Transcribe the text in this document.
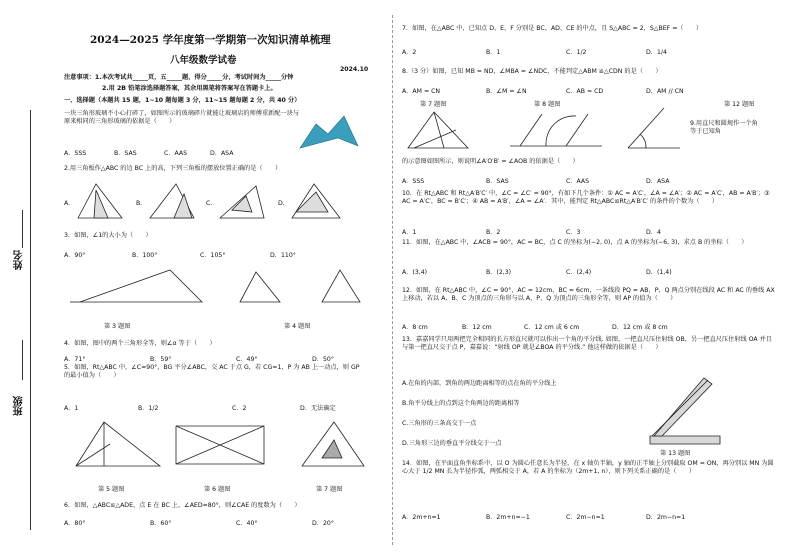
姓名
班级
2024—2025 学年度第一学期第一次知识清单梳理
八年级数学试卷
2024.10
注意事项：1.本次考试共_____页，五_____题，得分_____分，考试时间为_____分钟
2.用 2B 铅笔涂选择题答案，其余用黑笔将答案写在答题卡上。
一、选择题（本题共 15 题，1~10 题每题 3 分，11~15 题每题 2 分，共 40 分）
一块三角形玻璃不小心打碎了，如图所示的玻璃碎片就能让玻璃店的师傅重新配一块与原来相同的三角形玻璃的依据是（　　）
A．SSS	B．SAS	C．AAS	D．ASA
2.用三角板作△ABC 的边 BC 上的高，下列三角板的摆放位置正确的是（　　）
A．	B．	C．	D．
3．如图，∠1的大小为（　　）
A．90°	B．100°	C．105°	D．110°
第 3 题图	第 4 题图
4．如图，图中的两个三角形全等，则∠α 等于（　　）
A．71°	B．59°	C．49°	D．50°
5．如图，Rt△ABC 中，∠C=90°，BG 平分∠ABC，交 AC 于点 G，若 CG=1，P 为 AB 上一动点，则 GP 的最小值为（　　）
A．1	B．1/2	C．2	D．无法确定
第 5 题图	第 6 题图	第 7 题图
6．如图，△ABC≌△ADE，点 E 在 BC 上，∠AED=80°，则∠CAE 的度数为（　　）
A．80°	B．60°	C．40°	D．20°
7．如图，在△ABC 中，已知点 D、E、F 分别是 BC、AD、CE 的中点，且 S△ABC = 2，S△BEF =（　　）
A．2	B．1	C．1/2	D．1/4
8.（3 分）如图，已知 MB = ND，∠MBA = ∠NDC，不能判定△ABM ≌△CDN 的是（　　）
A．AM = CN	B．∠M = ∠N	C．AB = CD	D．AM // CN
第 7 题图	第 8 题图	第 12 题图
9.用直尺和圆规作一个角等于已知角
的示意图如图所示，则说明∠A′O′B′ = ∠AOB 的依据是（　　）
A．SSS	B．SAS	C．AAS	D．ASA
10．在 Rt△ABC 和 Rt△A′B′C′ 中，∠C = ∠C′ = 90°，有如下几个条件：① AC = A′C′，∠A = ∠A′；② AC = A′C′，AB = A′B′；③ AC = A′C′，BC = B′C′；④ AB = A′B′，∠A = ∠A′．其中，能判定 Rt△ABC≌Rt△A′B′C′ 的条件的个数为（　　）
A．1	B．2	C．3	D．4
11．如图，在△ABC 中，∠ACB = 90°，AC = BC，点 C 的坐标为(−2, 0)，点 A 的坐标为(−6, 3)，求点 B 的坐标（　　）
A．(3,4)	B．(2,3)	C．(2,4)	D．(1,4)
12．如图，在 Rt△ABC 中，∠C = 90°，AC = 12cm，BC = 6cm，一条线段 PQ = AB，P，Q 两点分别在线段 AC 和 AC 的垂线 AX 上移动，若以 A、B、C 为顶点的三角形与以 A、P、Q 为顶点的三角形全等，则 AP 的值为（　　）
A．8 cm	B．12 cm	C．12 cm 或 6 cm	D．12 cm 或 8 cm
13．嘉嘉同学只用两把完全相同的长方形直尺就可以作出一个角的平分线. 如图，一把直尺压住射线 OB，另一把直尺压住射线 OA 并且与第一把直尺交于点 P，嘉嘉说：“射线 OP 就是∠BOA 的平分线.” 他这样做的依据是（　　）
A.在角的内部，到角的两边距离相等的点在角的平分线上
B.角平分线上的点到这个角两边的距离相等
C.三角形的三条高交于一点
D.三角形三边的垂直平分线交于一点
第 13 题图
14．如图，在平面直角坐标系中，以 O 为圆心任意长为半径，在 x 轴负半轴，y 轴的正半轴上分别截取 OM = ON，再分别以 MN 为圆心大于 1/2 MN 长为半径作弧，两弧相交于 A，若 A 的坐标为（2m+1, n），则下列关系正确的是（　　）
A．2m+n=1	B．2m+n=−1	C．2m−n=1	D．2m−n=1
